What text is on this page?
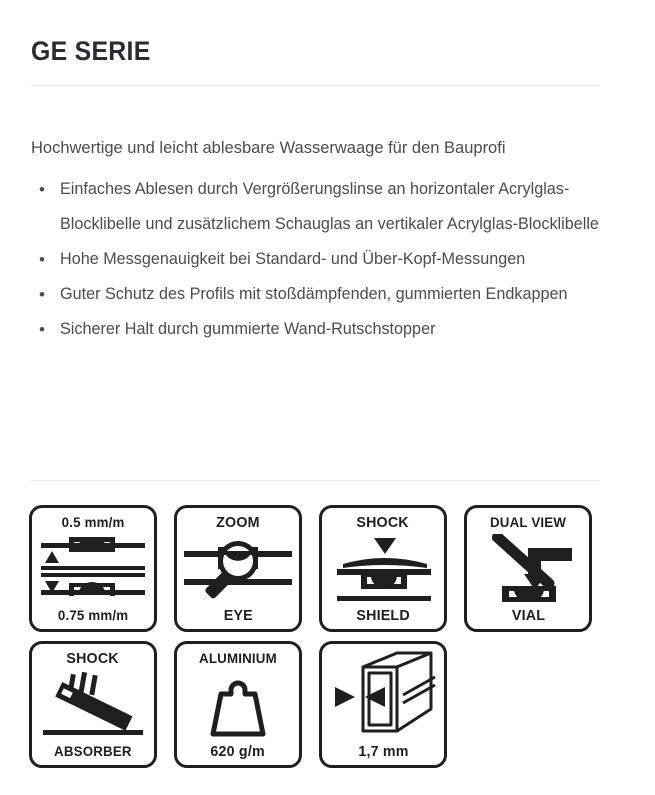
GE SERIE

Hochwertige und leicht ablesbare Wasserwaage für den Bauprofi

• Einfaches Ablesen durch Vergrößerungslinse an horizontaler Acrylglas-Blocklibelle und zusätzlichem Schauglas an vertikaler Acrylglas-Blocklibelle
• Hohe Messgenauigkeit bei Standard- und Über-Kopf-Messungen
• Guter Schutz des Profils mit stoßdämpfenden, gummierten Endkappen
• Sicherer Halt durch gummierte Wand-Rutschstopper
0.5 mm/m
0.75 mm/m
ZOOM
EYE
SHOCK
SHIELD
DUAL VIEW
VIAL
SHOCK
ABSORBER
ALUMINIUM
620 g/m	1,7 mm
